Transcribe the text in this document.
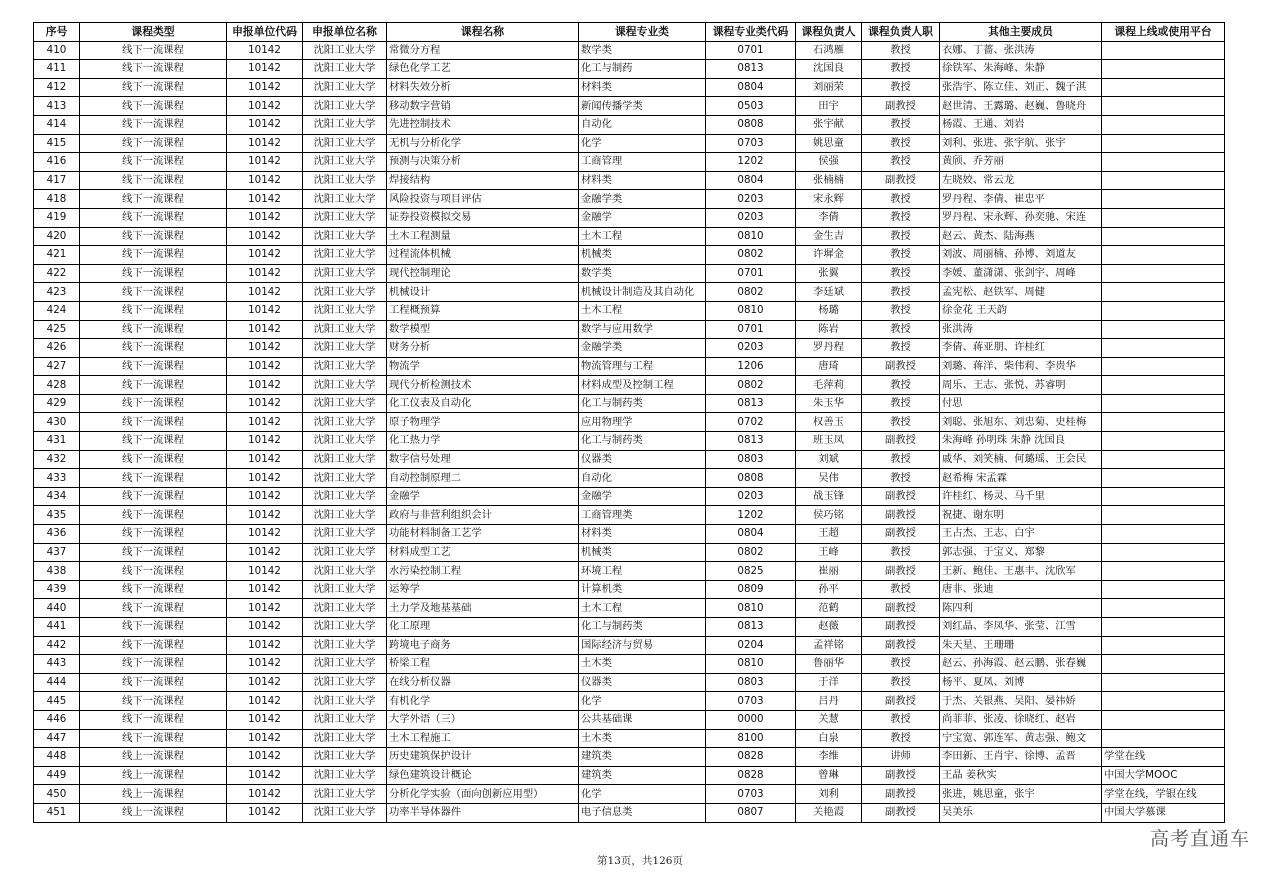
序号	课程类型	申报单位代码	申报单位名称	课程名称	课程专业类	课程专业类代码	课程负责人	课程负责人职	其他主要成员	课程上线或使用平台
410	线下一流课程	10142	沈阳工业大学	常微分方程	数学类	0701	石鸿雁	教授	衣娜、丁薔、张洪涛	
411	线下一流课程	10142	沈阳工业大学	绿色化学工艺	化工与制药	0813	沈国良	教授	徐铁军、朱海峰、朱静	
412	线下一流课程	10142	沈阳工业大学	材料失效分析	材料类	0804	刘丽荣	教授	张浩宇、陈立佳、刘正、魏子淇	
413	线下一流课程	10142	沈阳工业大学	移动数字营销	新闻传播学类	0503	田宇	副教授	赵世清、王露璐、赵巍、鲁晓舟	
414	线下一流课程	10142	沈阳工业大学	先进控制技术	自动化	0808	张宇献	教授	杨霞、王通、刘岩	
415	线下一流课程	10142	沈阳工业大学	无机与分析化学	化学	0703	姚思童	教授	刘利、张进、张宇航、张宇	
416	线下一流课程	10142	沈阳工业大学	预测与决策分析	工商管理	1202	侯强	教授	黄颀、乔芳丽	
417	线下一流课程	10142	沈阳工业大学	焊接结构	材料类	0804	张楠楠	副教授	左晓姣、常云龙	
418	线下一流课程	10142	沈阳工业大学	风险投资与项目评估	金融学类	0203	宋永辉	教授	罗丹程、李倩、崔忠平	
419	线下一流课程	10142	沈阳工业大学	证券投资模拟交易	金融学	0203	李倩	教授	罗丹程、宋永辉、孙奕驰、宋连	
420	线下一流课程	10142	沈阳工业大学	土木工程测量	土木工程	0810	金生吉	教授	赵云、黄杰、陆海燕	
421	线下一流课程	10142	沈阳工业大学	过程流体机械	机械类	0802	许墀金	教授	刘波、周丽楠、孙博、刘道友	
422	线下一流课程	10142	沈阳工业大学	现代控制理论	数学类	0701	张翼	教授	李媛、董潇潇、张剑宇、周峰	
423	线下一流课程	10142	沈阳工业大学	机械设计	机械设计制造及其自动化	0802	李廷斌	教授	孟宪松、赵铁军、周健	
424	线下一流课程	10142	沈阳工业大学	工程概预算	土木工程	0810	杨璐	教授	徐金花 王天韵	
425	线下一流课程	10142	沈阳工业大学	数学模型	数学与应用数学	0701	陈岩	教授	张洪涛	
426	线下一流课程	10142	沈阳工业大学	财务分析	金融学类	0203	罗丹程	教授	李倩、蒋亚朋、许桂红	
427	线下一流课程	10142	沈阳工业大学	物流学	物流管理与工程	1206	唐琦	副教授	刘璐、蒋洋、柴伟莉、李贵华	
428	线下一流课程	10142	沈阳工业大学	现代分析检测技术	材料成型及控制工程	0802	毛萍莉	教授	周乐、王志、张悦、苏睿明	
429	线下一流课程	10142	沈阳工业大学	化工仪表及自动化	化工与制药类	0813	朱玉华	教授	付思	
430	线下一流课程	10142	沈阳工业大学	原子物理学	应用物理学	0702	权善玉	教授	刘聪、张旭东、刘忠菊、史桂梅	
431	线下一流课程	10142	沈阳工业大学	化工热力学	化工与制药类	0813	班玉凤	副教授	朱海峰 孙明珠 朱静 沈国良	
432	线下一流课程	10142	沈阳工业大学	数字信号处理	仪器类	0803	刘斌	教授	戚华、刘笑楠、何璐瑶、王会民	
433	线下一流课程	10142	沈阳工业大学	自动控制原理二	自动化	0808	吴伟	教授	赵希梅 宋孟霖	
434	线下一流课程	10142	沈阳工业大学	金融学	金融学	0203	战玉锋	副教授	许桂红、杨灵、马千里	
435	线下一流课程	10142	沈阳工业大学	政府与非营利组织会计	工商管理类	1202	侯巧铭	副教授	祝捷、谢东明	
436	线下一流课程	10142	沈阳工业大学	功能材料制备工艺学	材料类	0804	王超	副教授	王占杰、王志、白宇	
437	线下一流课程	10142	沈阳工业大学	材料成型工艺	机械类	0802	王峰	教授	郭志强、于宝义、郑黎	
438	线下一流课程	10142	沈阳工业大学	水污染控制工程	环境工程	0825	崔丽	副教授	王新、鲍佳、王惠丰、沈欣军	
439	线下一流课程	10142	沈阳工业大学	运筹学	计算机类	0809	孙平	教授	唐非、张迪	
440	线下一流课程	10142	沈阳工业大学	土力学及地基基础	土木工程	0810	范鹤	副教授	陈四利	
441	线下一流课程	10142	沈阳工业大学	化工原理	化工与制药类	0813	赵薇	副教授	刘红晶、李凤华、张莹、江雪	
442	线下一流课程	10142	沈阳工业大学	跨境电子商务	国际经济与贸易	0204	孟祥铭	副教授	朱天星、王珊珊	
443	线下一流课程	10142	沈阳工业大学	桥梁工程	土木类	0810	鲁丽华	教授	赵云、孙海霞、赵云鹏、张春巍	
444	线下一流课程	10142	沈阳工业大学	在线分析仪器	仪器类	0803	于洋	教授	杨平、夏凤、刘博	
445	线下一流课程	10142	沈阳工业大学	有机化学	化学	0703	吕丹	副教授	于杰、关银燕、吴阳、晏祎娇	
446	线下一流课程	10142	沈阳工业大学	大学外语（三）	公共基础课	0000	关慧	教授	尚菲菲、张凌、徐晓红、赵岩	
447	线下一流课程	10142	沈阳工业大学	土木工程施工	土木类	8100	白泉	教授	宁宝宽、郭连军、黄志强、鲍文	
448	线上一流课程	10142	沈阳工业大学	历史建筑保护设计	建筑类	0828	李维	讲师	李田新、王肖宇、徐博、孟晋	学堂在线
449	线上一流课程	10142	沈阳工业大学	绿色建筑设计概论	建筑类	0828	曾琳	副教授	王晶 姜秋实	中国大学MOOC
450	线上一流课程	10142	沈阳工业大学	分析化学实验（面向创新应用型）	化学	0703	刘利	副教授	张进，姚思童，张宇	学堂在线，学银在线
451	线上一流课程	10142	沈阳工业大学	功率半导体器件	电子信息类	0807	关艳霞	副教授	吴美乐	中国大学慕课
第13页，共126页
高考直通车
